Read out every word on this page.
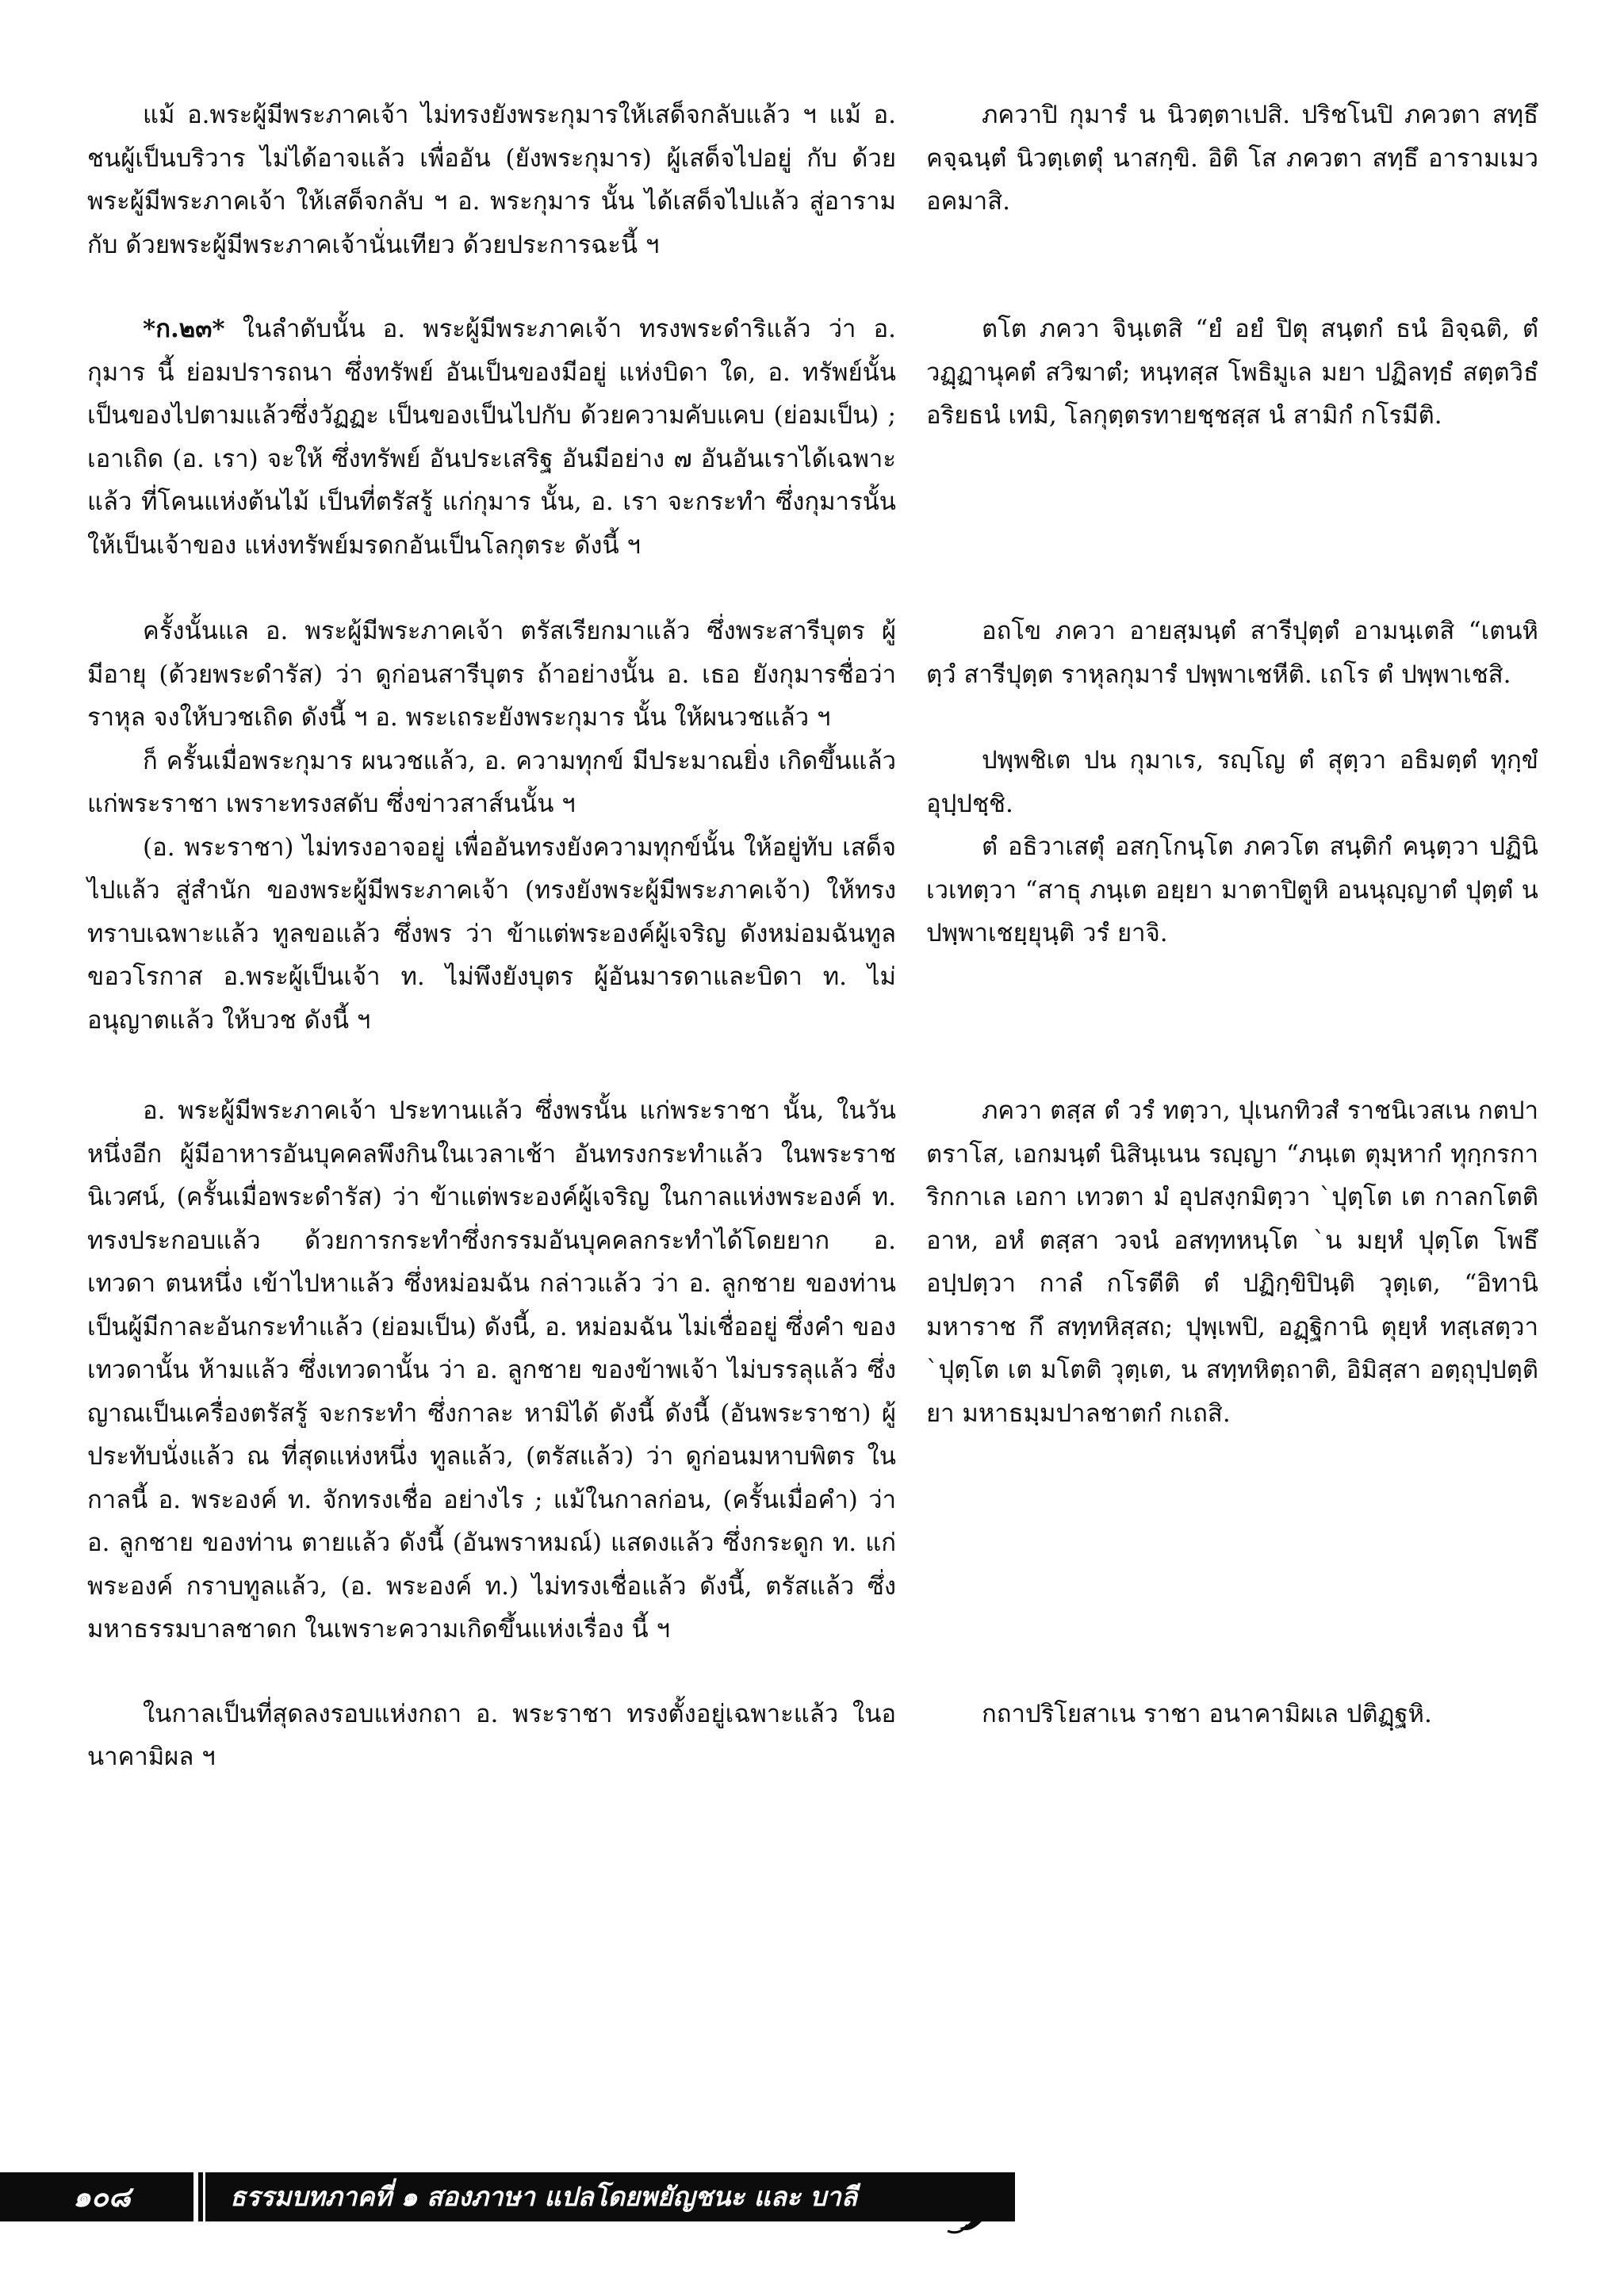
แม้ อ.พระผู้มีพระภาคเจ้า ไม่ทรงยังพระกุมารให้เสด็จกลับแล้ว ฯ แม้ อ. ชนผู้เป็นบริวาร ไม่ได้อาจแล้ว เพื่ออัน (ยังพระกุมาร) ผู้เสด็จไปอยู่ กับ ด้วยพระผู้มีพระภาคเจ้า ให้เสด็จกลับ ฯ อ. พระกุมาร นั้น ได้เสด็จไปแล้ว สู่อาราม กับ ด้วยพระผู้มีพระภาคเจ้านั่นเทียว ด้วยประการฉะนี้ ฯ

ภควาปิ กุมารํ น นิวตฺตาเปสิ. ปริชโนปิ ภควตา สทฺธึ คจฺฉนฺตํ นิวตฺเตตุํ นาสกฺขิ. อิติ โส ภควตา สทฺธึ อารามเมว อคมาสิ.

*ก.๒๓* ในลำดับนั้น อ. พระผู้มีพระภาคเจ้า ทรงพระดำริแล้ว ว่า อ. กุมาร นี้ ย่อมปรารถนา ซึ่งทรัพย์ อันเป็นของมีอยู่ แห่งบิดา ใด, อ. ทรัพย์นั้น เป็นของไปตามแล้วซึ่งวัฏฏะ เป็นของเป็นไปกับ ด้วยความคับแคบ (ย่อมเป็น) ; เอาเถิด (อ. เรา) จะให้ ซึ่งทรัพย์ อันประเสริฐ อันมีอย่าง ๗ อันอันเราได้เฉพาะแล้ว ที่โคนแห่งต้นไม้ เป็นที่ตรัสรู้ แก่กุมาร นั้น, อ. เรา จะกระทำ ซึ่งกุมารนั้น ให้เป็นเจ้าของ แห่งทรัพย์มรดกอันเป็นโลกุตระ ดังนี้ ฯ

ตโต ภควา จินฺเตสิ “ยํ อยํ ปิตุ สนฺตกํ ธนํ อิจฺฉติ, ตํ วฏฺฏานุคตํ สวิฆาตํ; หนฺทสฺส โพธิมูเล มยา ปฏิลทฺธํ สตฺตวิธํ อริยธนํ เทมิ, โลกุตฺตรทายชฺชสฺส นํ สามิกํ กโรมีติ.

ครั้งนั้นแล อ. พระผู้มีพระภาคเจ้า ตรัสเรียกมาแล้ว ซึ่งพระสารีบุตร ผู้มีอายุ (ด้วยพระดำรัส) ว่า ดูก่อนสารีบุตร ถ้าอย่างนั้น อ. เธอ ยังกุมารชื่อว่าราหุล จงให้บวชเถิด ดังนี้ ฯ อ. พระเถระยังพระกุมาร นั้น ให้ผนวชแล้ว ฯ

ก็ ครั้นเมื่อพระกุมาร ผนวชแล้ว, อ. ความทุกข์ มีประมาณยิ่ง เกิดขึ้นแล้ว แก่พระราชา เพราะทรงสดับ ซึ่งข่าวสาส์นนั้น ฯ

(อ. พระราชา) ไม่ทรงอาจอยู่ เพื่ออันทรงยังความทุกข์นั้น ให้อยู่ทับ เสด็จไปแล้ว สู่สำนัก ของพระผู้มีพระภาคเจ้า (ทรงยังพระผู้มีพระภาคเจ้า) ให้ทรงทราบเฉพาะแล้ว ทูลขอแล้ว ซึ่งพร ว่า ข้าแต่พระองค์ผู้เจริญ ดังหม่อมฉันทูลขอวโรกาส อ.พระผู้เป็นเจ้า ท. ไม่พึงยังบุตร ผู้อันมารดาและบิดา ท. ไม่อนุญาตแล้ว ให้บวช ดังนี้ ฯ

อถโข ภควา อายสฺมนฺตํ สารีปุตฺตํ อามนฺเตสิ “เตนหิ ตฺวํ สารีปุตฺต ราหุลกุมารํ ปพฺพาเชหีติ. เถโร ตํ ปพฺพาเชสิ.

ปพฺพชิเต ปน กุมาเร, รญฺโญ ตํ สุตฺวา อธิมตฺตํ ทุกฺขํ อุปฺปชฺชิ.

ตํ อธิวาเสตุํ อสกฺโกนฺโต ภควโต สนฺติกํ คนฺตฺวา ปฏินิเวเทตฺวา “สาธุ ภนฺเต อยฺยา มาตาปิตูหิ อนนุญฺญาตํ ปุตฺตํ น ปพฺพาเชยฺยุนฺติ วรํ ยาจิ.

อ. พระผู้มีพระภาคเจ้า ประทานแล้ว ซึ่งพรนั้น แก่พระราชา นั้น, ในวันหนึ่งอีก ผู้มีอาหารอันบุคคลพึงกินในเวลาเช้า อันทรงกระทำแล้ว ในพระราชนิเวศน์, (ครั้นเมื่อพระดำรัส) ว่า ข้าแต่พระองค์ผู้เจริญ ในกาลแห่งพระองค์ ท. ทรงประกอบแล้ว ด้วยการกระทำซึ่งกรรมอันบุคคลกระทำได้โดยยาก อ. เทวดา ตนหนึ่ง เข้าไปหาแล้ว ซึ่งหม่อมฉัน กล่าวแล้ว ว่า อ. ลูกชาย ของท่าน เป็นผู้มีกาละอันกระทำแล้ว (ย่อมเป็น) ดังนี้, อ. หม่อมฉัน ไม่เชื่ออยู่ ซึ่งคำ ของเทวดานั้น ห้ามแล้ว ซึ่งเทวดานั้น ว่า อ. ลูกชาย ของข้าพเจ้า ไม่บรรลุแล้ว ซึ่งญาณเป็นเครื่องตรัสรู้ จะกระทำ ซึ่งกาละ หามิได้ ดังนี้ ดังนี้ (อันพระราชา) ผู้ประทับนั่งแล้ว ณ ที่สุดแห่งหนึ่ง ทูลแล้ว, (ตรัสแล้ว) ว่า ดูก่อนมหาบพิตร ในกาลนี้ อ. พระองค์ ท. จักทรงเชื่อ อย่างไร ; แม้ในกาลก่อน, (ครั้นเมื่อคำ) ว่า อ. ลูกชาย ของท่าน ตายแล้ว ดังนี้ (อันพราหมณ์) แสดงแล้ว ซึ่งกระดูก ท. แก่พระองค์ กราบทูลแล้ว, (อ. พระองค์ ท.) ไม่ทรงเชื่อแล้ว ดังนี้, ตรัสแล้ว ซึ่งมหาธรรมบาลชาดก ในเพราะความเกิดขึ้นแห่งเรื่อง นี้ ฯ

ภควา ตสฺส ตํ วรํ ทตฺวา, ปุเนกทิวสํ ราชนิเวสเน กตปาตราโส, เอกมนฺตํ นิสินฺเนน รญฺญา “ภนฺเต ตุมฺหากํ ทุกฺกรการิกกาเล เอกา เทวตา มํ อุปสงฺกมิตฺวา `ปุตฺโต เต กาลกโตติ อาห, อหํ ตสฺสา วจนํ อสทฺทหนฺโต `น มยฺหํ ปุตฺโต โพธึ อปฺปตฺวา กาลํ กโรตีติ ตํ ปฏิกฺขิปินฺติ วุตฺเต, “อิทานิ มหาราช กึ สทฺทหิสฺสถ; ปุพฺเพปิ, อฏฺฐิกานิ ตุยฺหํ ทสฺเสตฺวา `ปุตฺโต เต มโตติ วุตฺเต, น สทฺทหิตฺถาติ, อิมิสฺสา อตฺถุปฺปตฺติยา มหาธมฺมปาลชาตกํ กเถสิ.

ในกาลเป็นที่สุดลงรอบแห่งกถา อ. พระราชา ทรงตั้งอยู่เฉพาะแล้ว ในอนาคามิผล ฯ

กถาปริโยสาเน ราชา อนาคามิผเล ปติฏฺฐหิ.

๑๐๘	ธรรมบทภาคที่ ๑ สองภาษา แปลโดยพยัญชนะ และ บาลี
